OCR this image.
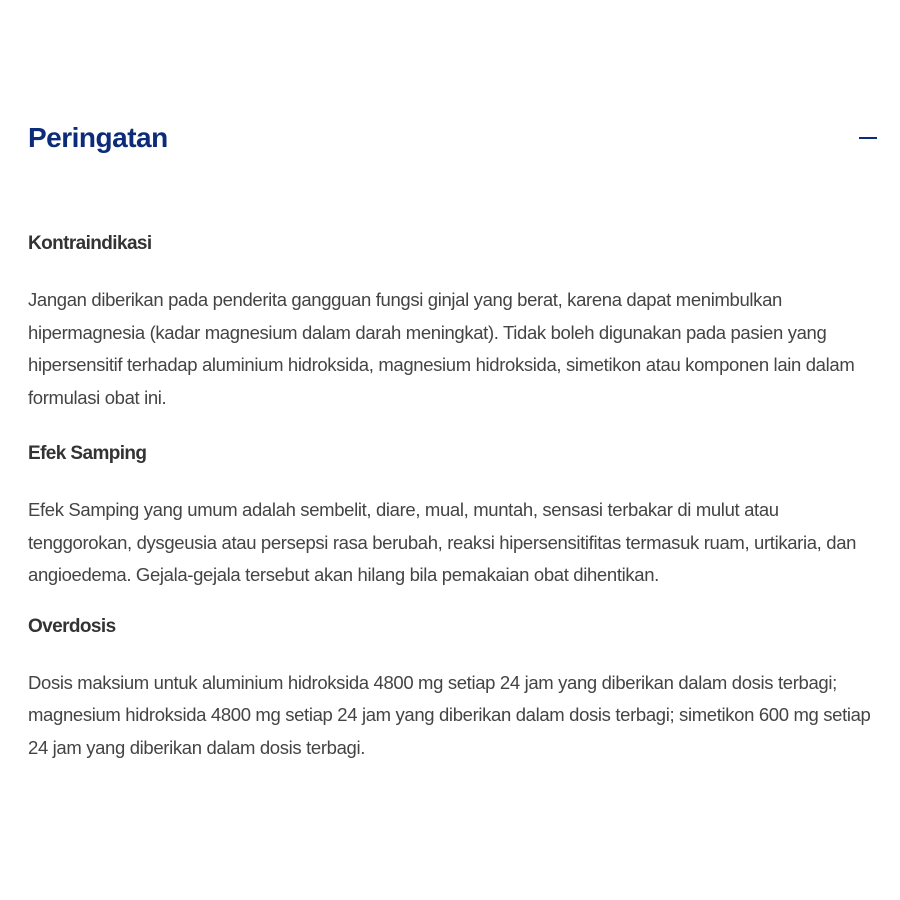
Peringatan
Kontraindikasi

Jangan diberikan pada penderita gangguan fungsi ginjal yang berat, karena dapat menimbulkan hipermagnesia (kadar magnesium dalam darah meningkat). Tidak boleh digunakan pada pasien yang hipersensitif terhadap aluminium hidroksida, magnesium hidroksida, simetikon atau komponen lain dalam formulasi obat ini.

Efek Samping

Efek Samping yang umum adalah sembelit, diare, mual, muntah, sensasi terbakar di mulut atau tenggorokan, dysgeusia atau persepsi rasa berubah, reaksi hipersensitifitas termasuk ruam, urtikaria, dan angioedema. Gejala-gejala tersebut akan hilang bila pemakaian obat dihentikan.

Overdosis

Dosis maksium untuk aluminium hidroksida 4800 mg setiap 24 jam yang diberikan dalam dosis terbagi; magnesium hidroksida 4800 mg setiap 24 jam yang diberikan dalam dosis terbagi; simetikon 600 mg setiap 24 jam yang diberikan dalam dosis terbagi.
